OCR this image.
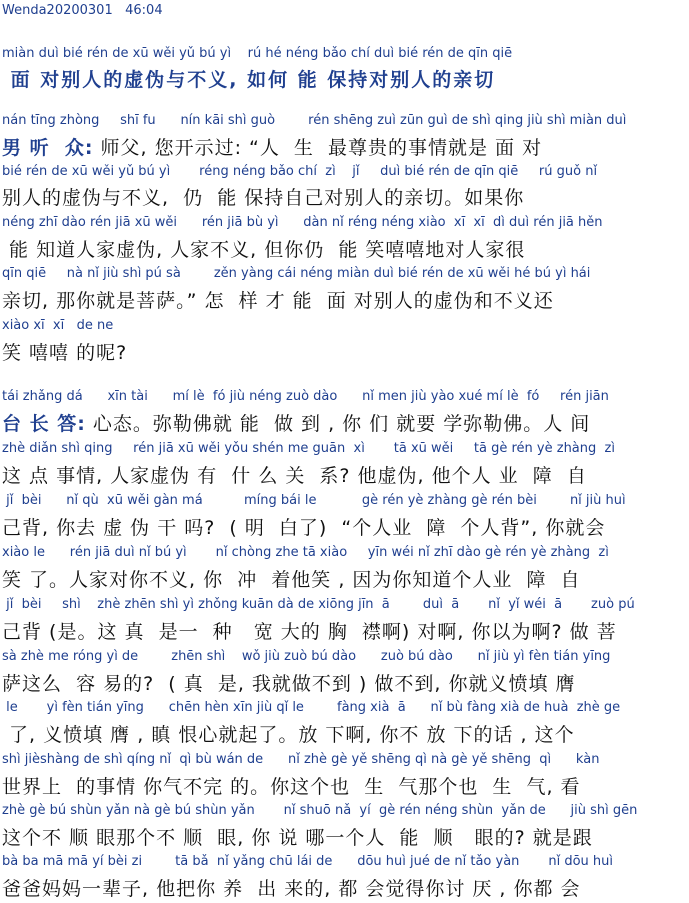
Wenda20200301 46:04
miàn duì bié rén de xū wěi yǔ bú yì    rú hé néng bǎo chí duì bié rén de qīn qiē
面 对别人的虚伪与不义, 如何 能 保持对别人的亲切
nán tīng zhòng     shī fu      nín kāi shì guò        rén shēng zuì zūn guì de shì qing jiù shì miàn duì
男 听  众: 师父, 您开示过: “人  生  最尊贵的事情就是 面 对
bié rén de xū wěi yǔ bú yì       réng néng bǎo chí  zì    jǐ     duì bié rén de qīn qiē     rú guǒ nǐ
别人的虚伪与不义,  仍  能 保持自己对别人的亲切。如果你
néng zhī dào rén jiā xū wěi      rén jiā bù yì      dàn nǐ réng néng xiào  xī  xī  dì duì rén jiā hěn
能 知道人家虚伪, 人家不义, 但你仍  能 笑嘻嘻地对人家很
qīn qiē     nà nǐ jiù shì pú sà        zěn yàng cái néng miàn duì bié rén de xū wěi hé bú yì hái
亲切, 那你就是菩萨。” 怎  样 才 能  面 对别人的虚伪和不义还
xiào xī  xī   de ne
笑 嘻嘻 的呢?
tái zhǎng dá      xīn tài      mí lè  fó jiù néng zuò dào      nǐ men jiù yào xué mí lè  fó     rén jiān
台 长 答: 心态。弥勒佛就 能  做 到 , 你 们 就要 学弥勒佛。人 间
zhè diǎn shì qing     rén jiā xū wěi yǒu shén me guān  xì       tā xū wěi     tā gè rén yè zhàng  zì
这 点 事情, 人家虚伪 有  什 么 关  系? 他虚伪, 他个人 业  障  自
jǐ  bèi      nǐ qù  xū wěi gàn má          míng bái le           gè rén yè zhàng gè rén bèi        nǐ jiù huì
己背, 你去 虚 伪 干 吗?  ( 明  白了)  “个人业  障  个人背”, 你就会
xiào le      rén jiā duì nǐ bú yì       nǐ chòng zhe tā xiào     yīn wéi nǐ zhī dào gè rén yè zhàng  zì
笑 了。人家对你不义, 你  冲  着他笑 , 因为你知道个人业  障  自
jǐ  bèi     shì    zhè zhēn shì yì zhǒng kuān dà de xiōng jīn  ā        duì  ā       nǐ  yǐ wéi  ā       zuò pú
己背 (是。这 真  是一  种   宽 大的 胸  襟啊) 对啊, 你以为啊? 做 菩
sà zhè me róng yì de        zhēn shì    wǒ jiù zuò bú dào      zuò bú dào      nǐ jiù yì fèn tián yīng
萨这么  容 易的?  ( 真  是, 我就做不到 ) 做不到, 你就义愤填 膺
le       yì fèn tián yīng      chēn hèn xīn jiù qǐ le        fàng xià  ā      nǐ bù fàng xià de huà  zhè ge
了, 义愤填 膺 , 瞋 恨心就起了。放 下啊, 你不 放 下的话 , 这个
shì jièshàng de shì qíng nǐ  qì bù wán de      nǐ zhè gè yě shēng qì nà gè yě shēng  qì      kàn
世界上  的事情 你气不完 的。你这个也  生  气那个也  生  气, 看
zhè gè bú shùn yǎn nà gè bú shùn yǎn       nǐ shuō nǎ  yí  gè rén néng shùn  yǎn de      jiù shì gēn
这个不 顺 眼那个不 顺  眼, 你 说 哪一个人  能  顺   眼的? 就是跟
bà ba mā mā yí bèi zi        tā bǎ  nǐ yǎng chū lái de      dōu huì jué de nǐ tǎo yàn       nǐ dōu huì
爸爸妈妈一辈子, 他把你 养  出 来的, 都 会觉得你讨 厌 , 你都 会
